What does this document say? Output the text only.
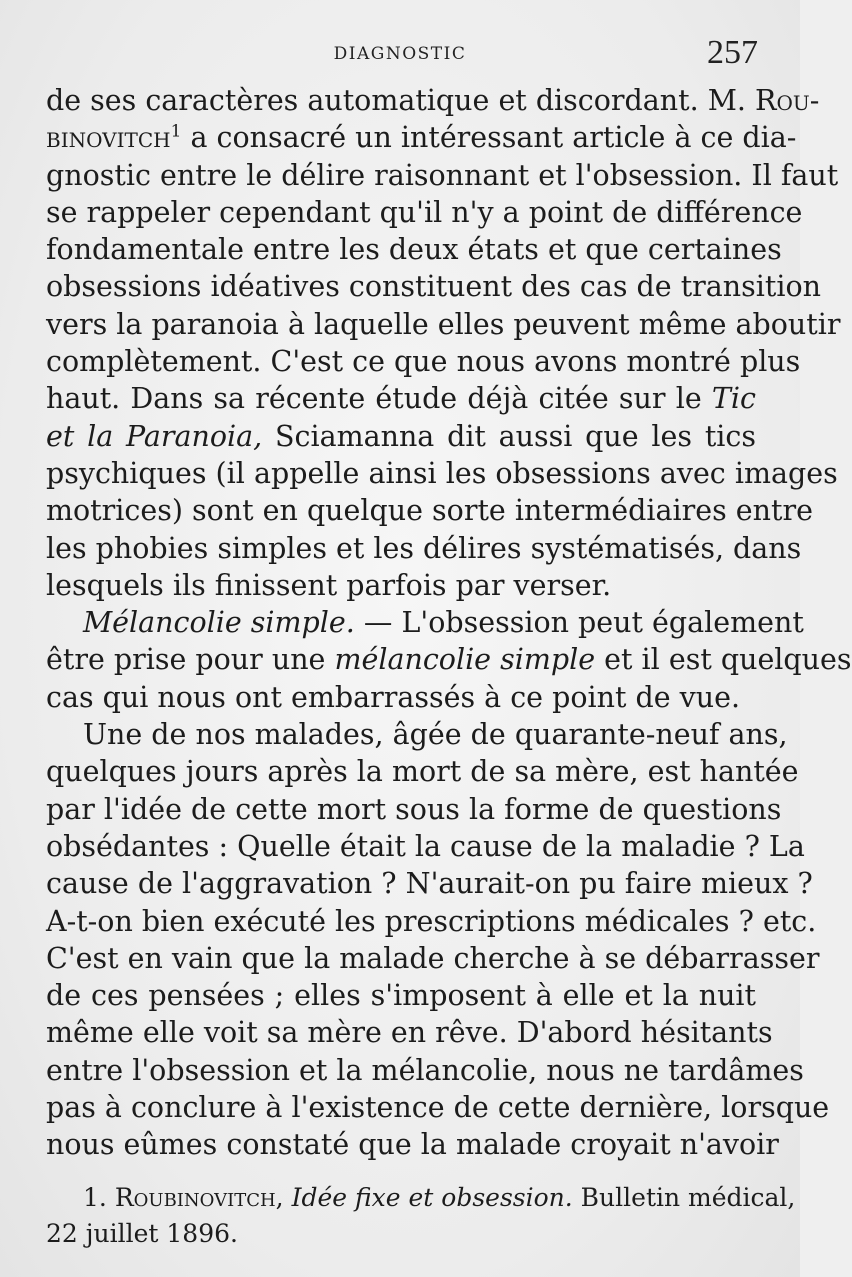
DIAGNOSTIC	257
de ses caractères automatique et discordant. M. Rou-
binovitch$^1$ a consacré un intéressant article à ce dia-
gnostic entre le délire raisonnant et l'obsession. Il faut
se rappeler cependant qu'il n'y a point de différence
fondamentale entre les deux états et que certaines
obsessions idéatives constituent des cas de transition
vers la paranoia à laquelle elles peuvent même aboutir
complètement. C'est ce que nous avons montré plus
haut. Dans sa récente étude déjà citée sur le Tic
et la Paranoia, Sciamanna dit aussi que les tics
psychiques (il appelle ainsi les obsessions avec images
motrices) sont en quelque sorte intermédiaires entre
les phobies simples et les délires systématisés, dans
lesquels ils finissent parfois par verser.
Mélancolie simple. — L'obsession peut également
être prise pour une mélancolie simple et il est quelques
cas qui nous ont embarrassés à ce point de vue.
Une de nos malades, âgée de quarante-neuf ans,
quelques jours après la mort de sa mère, est hantée
par l'idée de cette mort sous la forme de questions
obsédantes : Quelle était la cause de la maladie ? La
cause de l'aggravation ? N'aurait-on pu faire mieux ?
A-t-on bien exécuté les prescriptions médicales ? etc.
C'est en vain que la malade cherche à se débarrasser
de ces pensées ; elles s'imposent à elle et la nuit
même elle voit sa mère en rêve. D'abord hésitants
entre l'obsession et la mélancolie, nous ne tardâmes
pas à conclure à l'existence de cette dernière, lorsque
nous eûmes constaté que la malade croyait n'avoir
1. Roubinovitch, Idée fixe et obsession. Bulletin médical,
22 juillet 1896.
